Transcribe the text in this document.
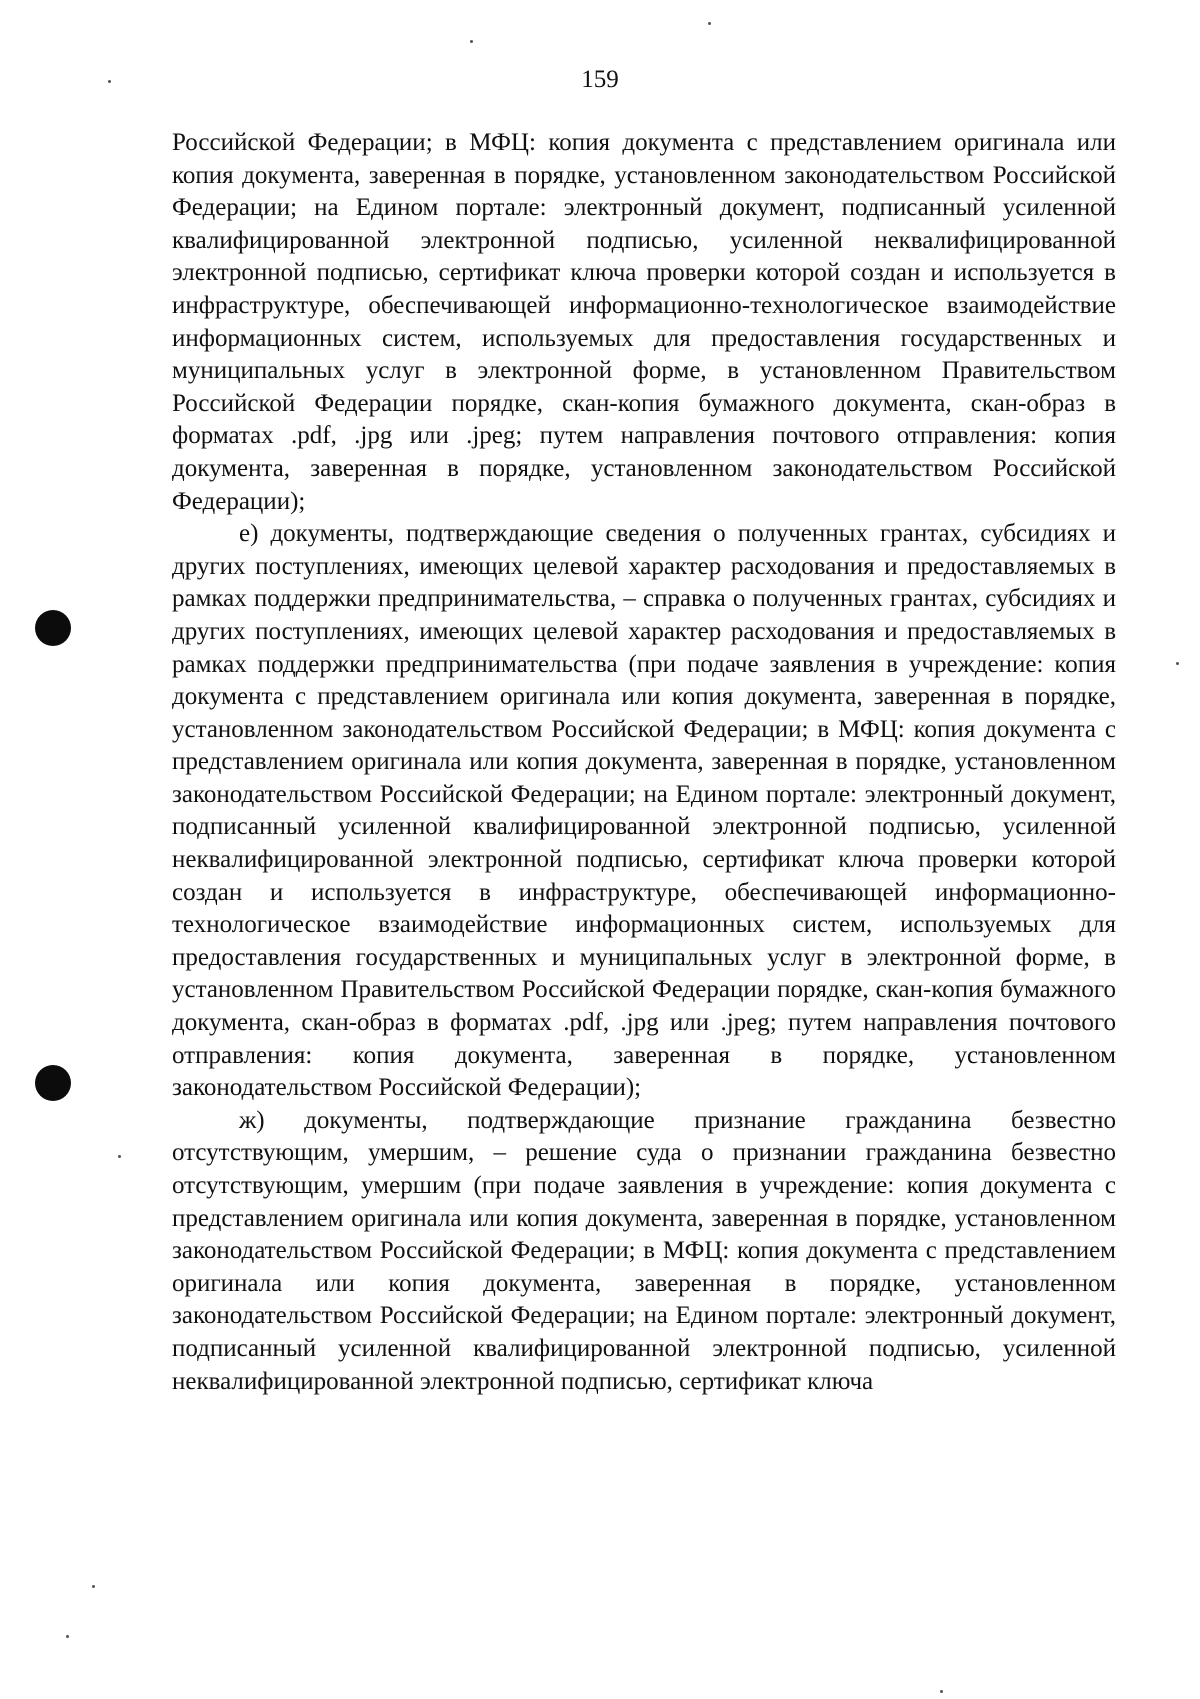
159

Российской Федерации; в МФЦ: копия документа с представлением оригинала или копия документа, заверенная в порядке, установленном законодательством Российской Федерации; на Едином портале: электронный документ, подписанный усиленной квалифицированной электронной подписью, усиленной неквалифицированной электронной подписью, сертификат ключа проверки которой создан и используется в инфраструктуре, обеспечивающей информационно-технологическое взаимодействие информационных систем, используемых для предоставления государственных и муниципальных услуг в электронной форме, в установленном Правительством Российской Федерации порядке, скан-копия бумажного документа, скан-образ в форматах .pdf, .jpg или .jpeg; путем направления почтового отправления: копия документа, заверенная в порядке, установленном законодательством Российской Федерации);

е) документы, подтверждающие сведения о полученных грантах, субсидиях и других поступлениях, имеющих целевой характер расходования и предоставляемых в рамках поддержки предпринимательства, – справка о полученных грантах, субсидиях и других поступлениях, имеющих целевой характер расходования и предоставляемых в рамках поддержки предпринимательства (при подаче заявления в учреждение: копия документа с представлением оригинала или копия документа, заверенная в порядке, установленном законодательством Российской Федерации; в МФЦ: копия документа с представлением оригинала или копия документа, заверенная в порядке, установленном законодательством Российской Федерации; на Едином портале: электронный документ, подписанный усиленной квалифицированной электронной подписью, усиленной неквалифицированной электронной подписью, сертификат ключа проверки которой создан и используется в инфраструктуре, обеспечивающей информационно-технологическое взаимодействие информационных систем, используемых для предоставления государственных и муниципальных услуг в электронной форме, в установленном Правительством Российской Федерации порядке, скан-копия бумажного документа, скан-образ в форматах .pdf, .jpg или .jpeg; путем направления почтового отправления: копия документа, заверенная в порядке, установленном законодательством Российской Федерации);

ж) документы, подтверждающие признание гражданина безвестно отсутствующим, умершим, – решение суда о признании гражданина безвестно отсутствующим, умершим (при подаче заявления в учреждение: копия документа с представлением оригинала или копия документа, заверенная в порядке, установленном законодательством Российской Федерации; в МФЦ: копия документа с представлением оригинала или копия документа, заверенная в порядке, установленном законодательством Российской Федерации; на Едином портале: электронный документ, подписанный усиленной квалифицированной электронной подписью, усиленной неквалифицированной электронной подписью, сертификат ключа
